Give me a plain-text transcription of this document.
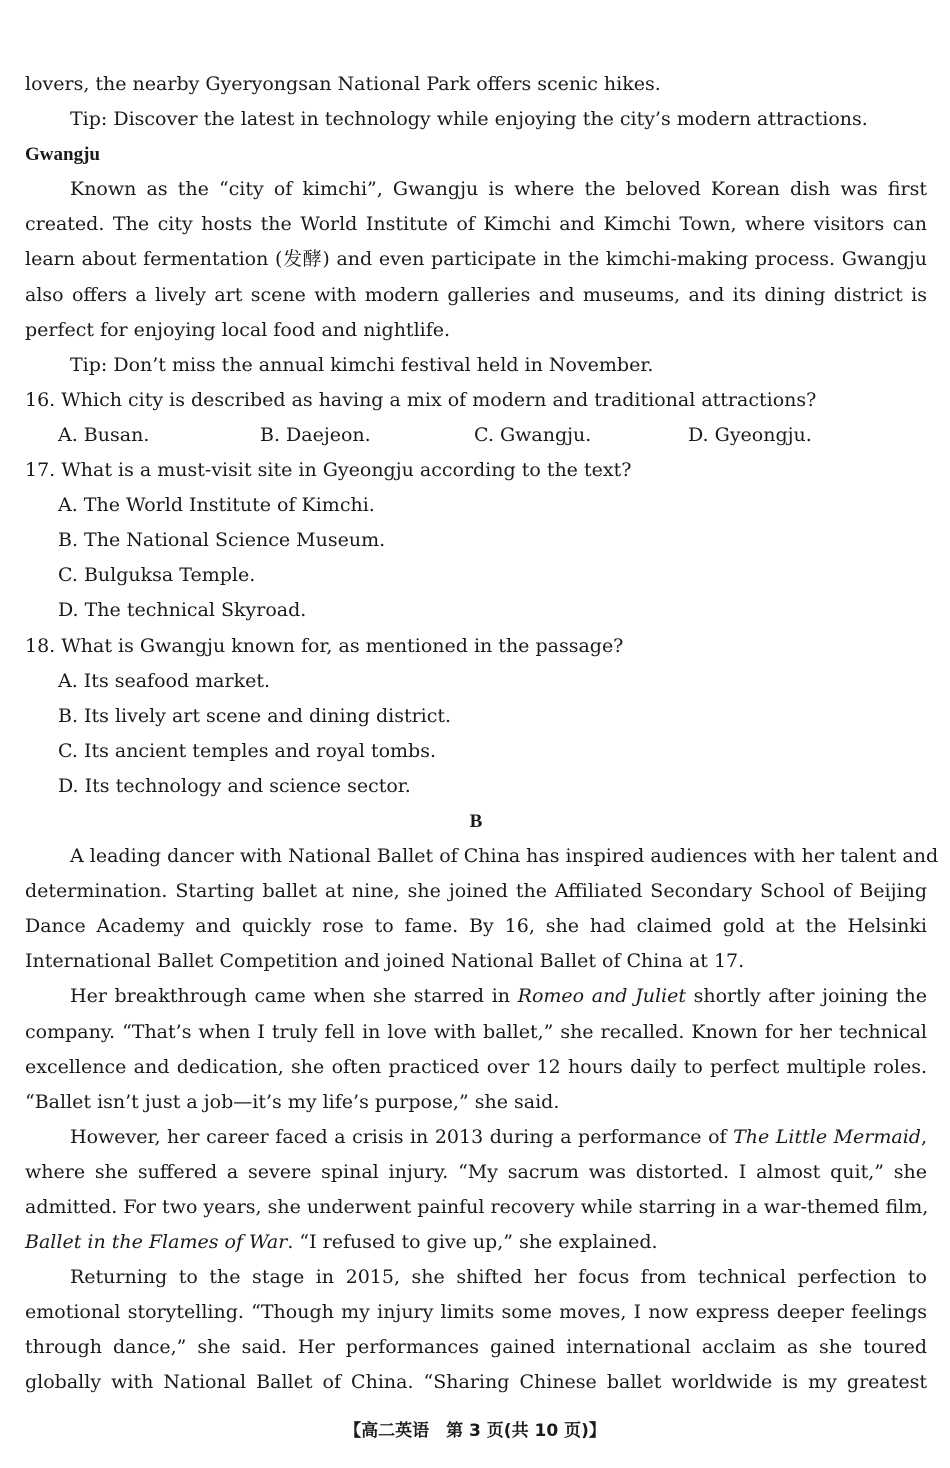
lovers, the nearby Gyeryongsan National Park offers scenic hikes.
Tip: Discover the latest in technology while enjoying the city’s modern attractions.
Gwangju
Known as the “city of kimchi”, Gwangju is where the beloved Korean dish was first
created. The city hosts the World Institute of Kimchi and Kimchi Town, where visitors can
learn about fermentation (发酵) and even participate in the kimchi-making process. Gwangju
also offers a lively art scene with modern galleries and museums, and its dining district is
perfect for enjoying local food and nightlife.
Tip: Don’t miss the annual kimchi festival held in November.
16. Which city is described as having a mix of modern and traditional attractions?
A. Busan.	B. Daejeon.	C. Gwangju.	D. Gyeongju.
17. What is a must-visit site in Gyeongju according to the text?
A. The World Institute of Kimchi.
B. The National Science Museum.
C. Bulguksa Temple.
D. The technical Skyroad.
18. What is Gwangju known for, as mentioned in the passage?
A. Its seafood market.
B. Its lively art scene and dining district.
C. Its ancient temples and royal tombs.
D. Its technology and science sector.
B
A leading dancer with National Ballet of China has inspired audiences with her talent and
determination. Starting ballet at nine, she joined the Affiliated Secondary School of Beijing
Dance Academy and quickly rose to fame. By 16, she had claimed gold at the Helsinki
International Ballet Competition and joined National Ballet of China at 17.
Her breakthrough came when she starred in Romeo and Juliet shortly after joining the
company. “That’s when I truly fell in love with ballet,” she recalled. Known for her technical
excellence and dedication, she often practiced over 12 hours daily to perfect multiple roles.
“Ballet isn’t just a job—it’s my life’s purpose,” she said.
However, her career faced a crisis in 2013 during a performance of The Little Mermaid,
where she suffered a severe spinal injury. “My sacrum was distorted. I almost quit,” she
admitted. For two years, she underwent painful recovery while starring in a war-themed film,
Ballet in the Flames of War. “I refused to give up,” she explained.
Returning to the stage in 2015, she shifted her focus from technical perfection to
emotional storytelling. “Though my injury limits some moves, I now express deeper feelings
through dance,” she said. Her performances gained international acclaim as she toured
globally with National Ballet of China. “Sharing Chinese ballet worldwide is my greatest
【高二英语　第 3 页(共 10 页)】
